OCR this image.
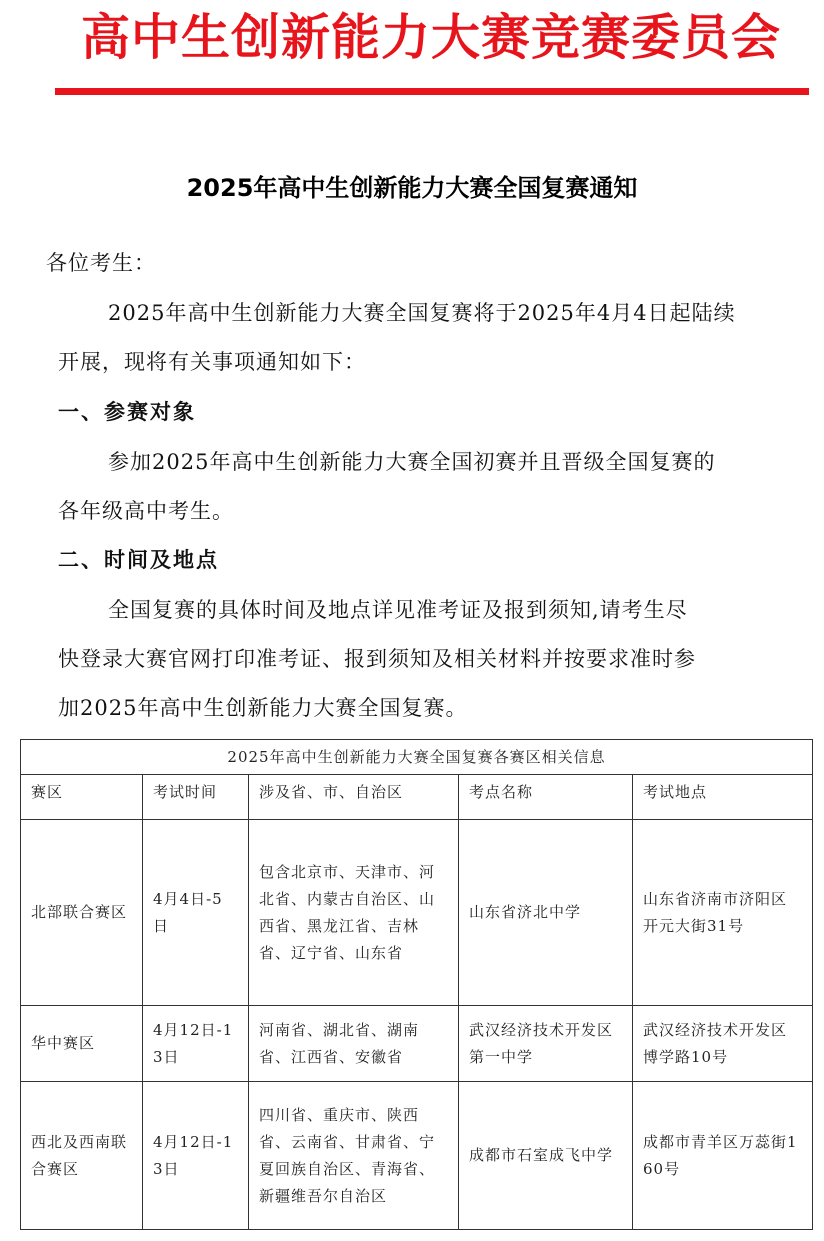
高中生创新能力大赛竞赛委员会
2025年高中生创新能力大赛全国复赛通知
各位考生：
2025年高中生创新能力大赛全国复赛将于2025年4月4日起陆续
开展，现将有关事项通知如下：
一、参赛对象
参加2025年高中生创新能力大赛全国初赛并且晋级全国复赛的
各年级高中考生。
二、时间及地点
全国复赛的具体时间及地点详见准考证及报到须知,请考生尽
快登录大赛官网打印准考证、报到须知及相关材料并按要求准时参
加2025年高中生创新能力大赛全国复赛。
2025年高中生创新能力大赛全国复赛各赛区相关信息				
赛区	考试时间	涉及省、市、自治区	考点名称	考试地点
北部联合赛区	4月4日-5日	包含北京市、天津市、河北省、内蒙古自治区、山西省、黑龙江省、吉林省、辽宁省、山东省	山东省济北中学	山东省济南市济阳区开元大街31号
华中赛区	4月12日-13日	河南省、湖北省、湖南省、江西省、安徽省	武汉经济技术开发区第一中学	武汉经济技术开发区博学路10号
西北及西南联合赛区	4月12日-13日	四川省、重庆市、陕西省、云南省、甘肃省、宁夏回族自治区、青海省、新疆维吾尔自治区	成都市石室成飞中学	成都市青羊区万蕊街160号
